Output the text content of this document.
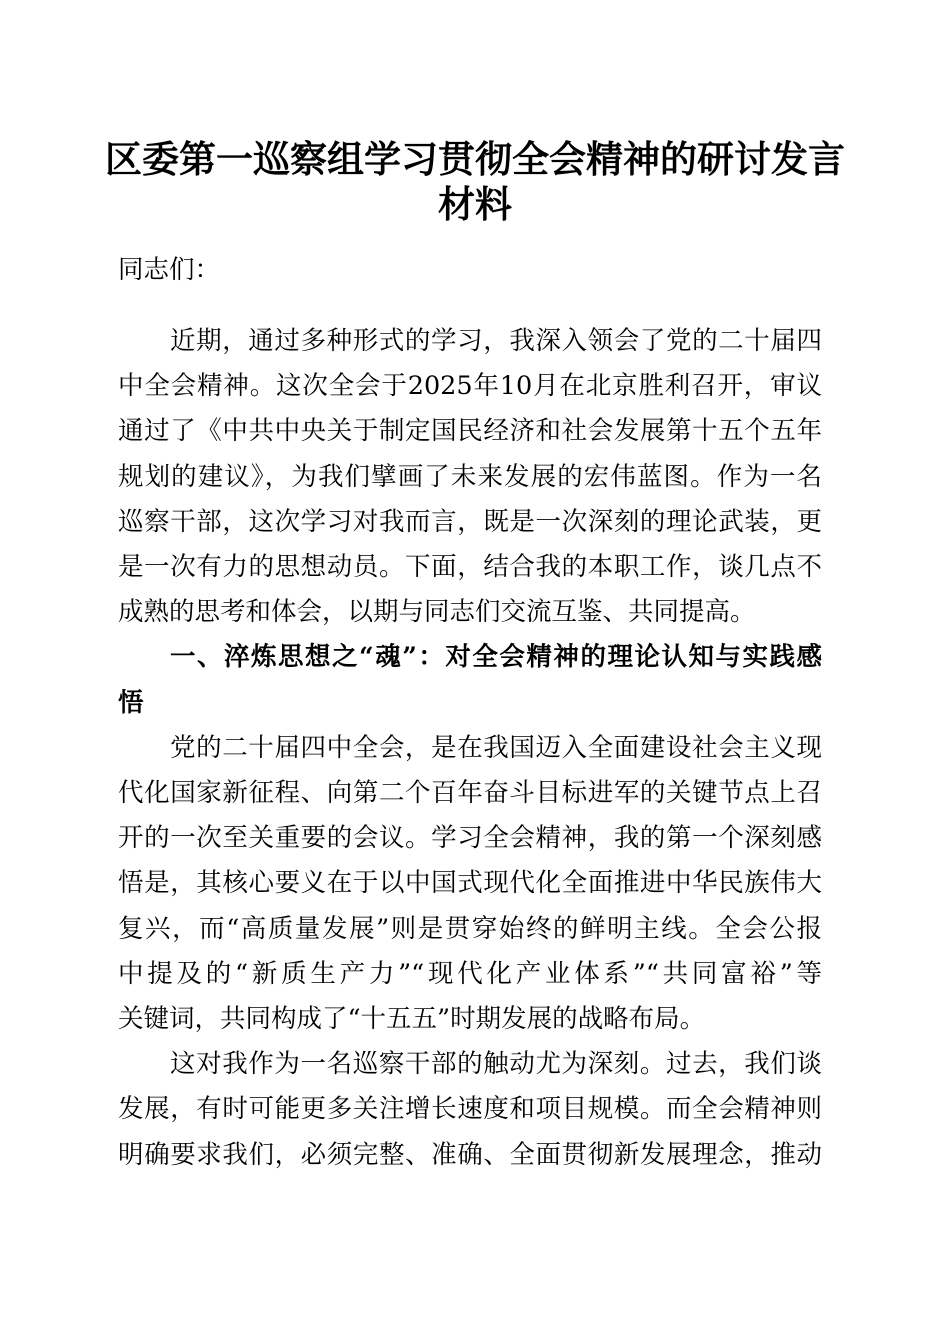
区委第一巡察组学习贯彻全会精神的研讨发言
材料
同志们：
近期，通过多种形式的学习，我深入领会了党的二十届四
中全会精神。这次全会于2025年10月在北京胜利召开，审议
通过了《中共中央关于制定国民经济和社会发展第十五个五年
规划的建议》，为我们擘画了未来发展的宏伟蓝图。作为一名
巡察干部，这次学习对我而言，既是一次深刻的理论武装，更
是一次有力的思想动员。下面，结合我的本职工作，谈几点不
成熟的思考和体会，以期与同志们交流互鉴、共同提高。
一、淬炼思想之“魂”：对全会精神的理论认知与实践感
悟
党的二十届四中全会，是在我国迈入全面建设社会主义现
代化国家新征程、向第二个百年奋斗目标进军的关键节点上召
开的一次至关重要的会议。学习全会精神，我的第一个深刻感
悟是，其核心要义在于以中国式现代化全面推进中华民族伟大
复兴，而“高质量发展”则是贯穿始终的鲜明主线。全会公报
中提及的“新质生产力”“现代化产业体系”“共同富裕”等
关键词，共同构成了“十五五”时期发展的战略布局。
这对我作为一名巡察干部的触动尤为深刻。过去，我们谈
发展，有时可能更多关注增长速度和项目规模。而全会精神则
明确要求我们，必须完整、准确、全面贯彻新发展理念，推动
